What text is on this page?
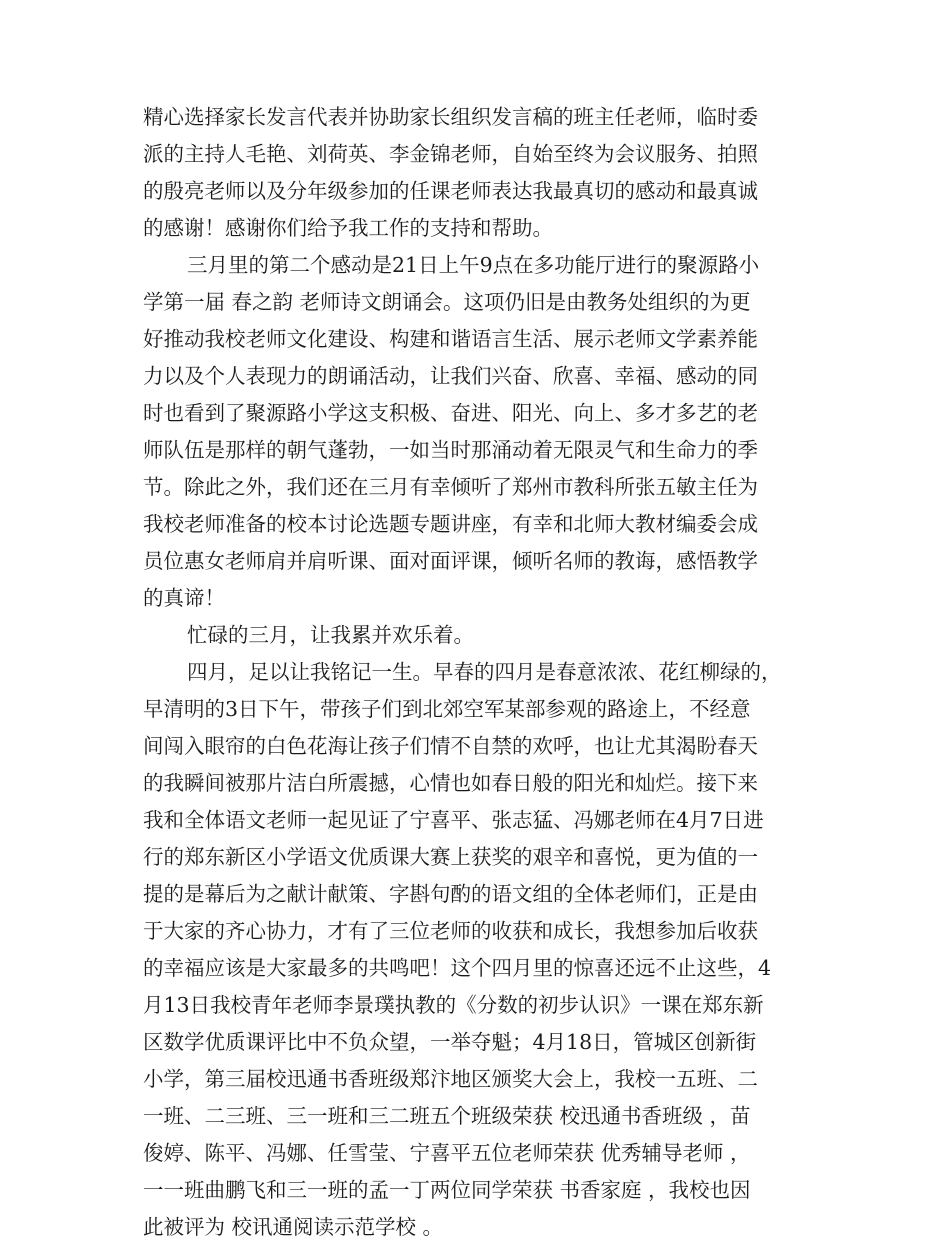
精心选择家长发言代表并协助家长组织发言稿的班主任老师，临时委
派的主持人毛艳、刘荷英、李金锦老师，自始至终为会议服务、拍照
的殷亮老师以及分年级参加的任课老师表达我最真切的感动和最真诚
的感谢！感谢你们给予我工作的支持和帮助。
三月里的第二个感动是21日上午9点在多功能厅进行的聚源路小
学第一届 春之韵 老师诗文朗诵会。这项仍旧是由教务处组织的为更
好推动我校老师文化建设、构建和谐语言生活、展示老师文学素养能
力以及个人表现力的朗诵活动，让我们兴奋、欣喜、幸福、感动的同
时也看到了聚源路小学这支积极、奋进、阳光、向上、多才多艺的老
师队伍是那样的朝气蓬勃，一如当时那涌动着无限灵气和生命力的季
节。除此之外，我们还在三月有幸倾听了郑州市教科所张五敏主任为
我校老师准备的校本讨论选题专题讲座，有幸和北师大教材编委会成
员位惠女老师肩并肩听课、面对面评课，倾听名师的教诲，感悟教学
的真谛！
忙碌的三月，让我累并欢乐着。
四月，足以让我铭记一生。早春的四月是春意浓浓、花红柳绿的，
早清明的3日下午，带孩子们到北郊空军某部参观的路途上，不经意
间闯入眼帘的白色花海让孩子们情不自禁的欢呼，也让尤其渴盼春天
的我瞬间被那片洁白所震撼，心情也如春日般的阳光和灿烂。接下来
我和全体语文老师一起见证了宁喜平、张志猛、冯娜老师在4月7日进
行的郑东新区小学语文优质课大赛上获奖的艰辛和喜悦，更为值的一
提的是幕后为之献计献策、字斟句酌的语文组的全体老师们，正是由
于大家的齐心协力，才有了三位老师的收获和成长，我想参加后收获
的幸福应该是大家最多的共鸣吧！这个四月里的惊喜还远不止这些，4
月13日我校青年老师李景璞执教的《分数的初步认识》一课在郑东新
区数学优质课评比中不负众望，一举夺魁；4月18日，管城区创新街
小学，第三届校迅通书香班级郑汴地区颁奖大会上，我校一五班、二
一班、二三班、三一班和三二班五个班级荣获 校迅通书香班级 ，苗
俊婷、陈平、冯娜、任雪莹、宁喜平五位老师荣获 优秀辅导老师 ，
一一班曲鹏飞和三一班的孟一丁两位同学荣获 书香家庭 ，我校也因
此被评为 校讯通阅读示范学校 。
